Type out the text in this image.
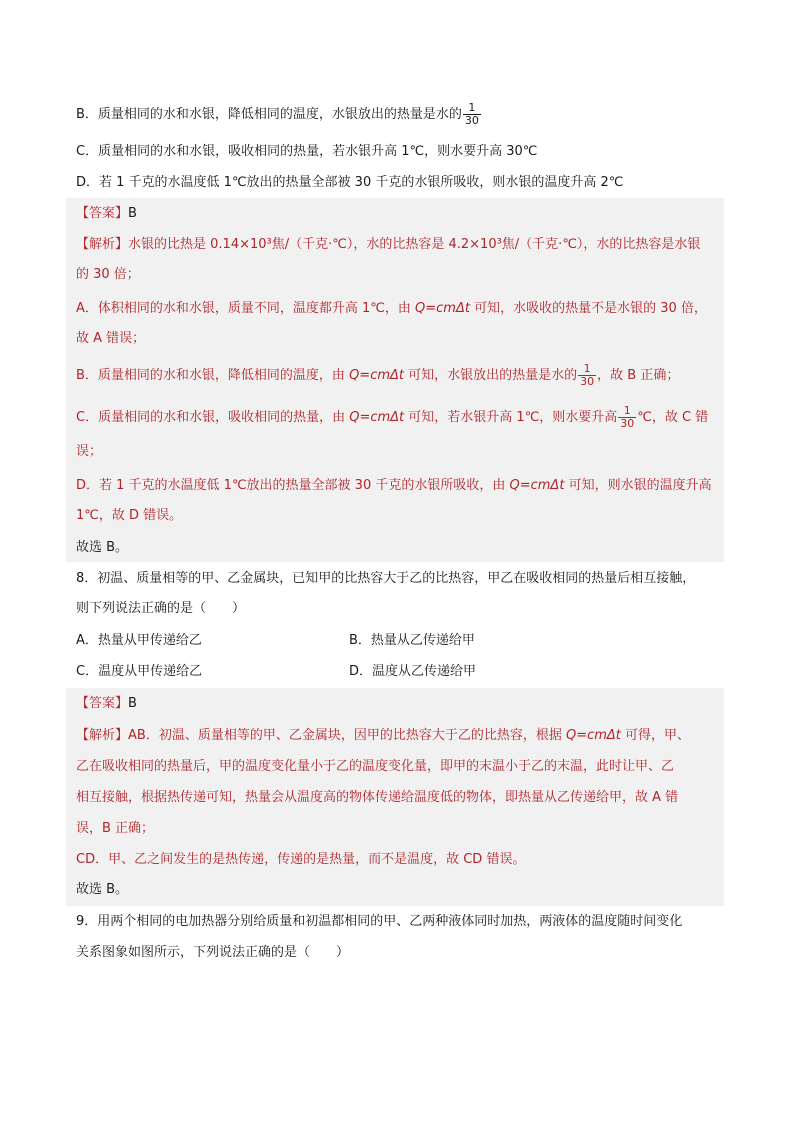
B．质量相同的水和水银，降低相同的温度，水银放出的热量是水的 $\frac{1}{30}$
C．质量相同的水和水银，吸收相同的热量，若水银升高 1℃，则水要升高 30℃
D．若 1 千克的水温度低 1℃放出的热量全部被 30 千克的水银所吸收，则水银的温度升高 2℃
【答案】B
【解析】水银的比热是 0.14×10³焦/（千克·℃），水的比热容是 4.2×10³焦/（千克·℃），水的比热容是水银
的 30 倍；
A．体积相同的水和水银，质量不同，温度都升高 1℃，由 Q=cmΔt 可知，水吸收的热量不是水银的 30 倍，
故 A 错误；
B．质量相同的水和水银，降低相同的温度，由 Q=cmΔt 可知，水银放出的热量是水的 $\frac{1}{30}$ ，故 B 正确；
C．质量相同的水和水银，吸收相同的热量，由 Q=cmΔt 可知，若水银升高 1℃，则水要升高 $\frac{1}{30}$ ℃，故 C 错
误；
D．若 1 千克的水温度低 1℃放出的热量全部被 30 千克的水银所吸收，由 Q=cmΔt 可知，则水银的温度升高
1℃，故 D 错误。
故选 B。
8．初温、质量相等的甲、乙金属块，已知甲的比热容大于乙的比热容，甲乙在吸收相同的热量后相互接触，
则下列说法正确的是（　　）
A．热量从甲传递给乙	B．热量从乙传递给甲
C．温度从甲传递给乙	D．温度从乙传递给甲
【答案】B
【解析】AB．初温、质量相等的甲、乙金属块，因甲的比热容大于乙的比热容，根据 Q=cmΔt 可得，甲、
乙在吸收相同的热量后，甲的温度变化量小于乙的温度变化量，即甲的末温小于乙的末温，此时让甲、乙
相互接触，根据热传递可知，热量会从温度高的物体传递给温度低的物体，即热量从乙传递给甲，故 A 错
误，B 正确；
CD．甲、乙之间发生的是热传递，传递的是热量，而不是温度，故 CD 错误。
故选 B。
9．用两个相同的电加热器分别给质量和初温都相同的甲、乙两种液体同时加热，两液体的温度随时间变化
关系图象如图所示，下列说法正确的是（　　）
